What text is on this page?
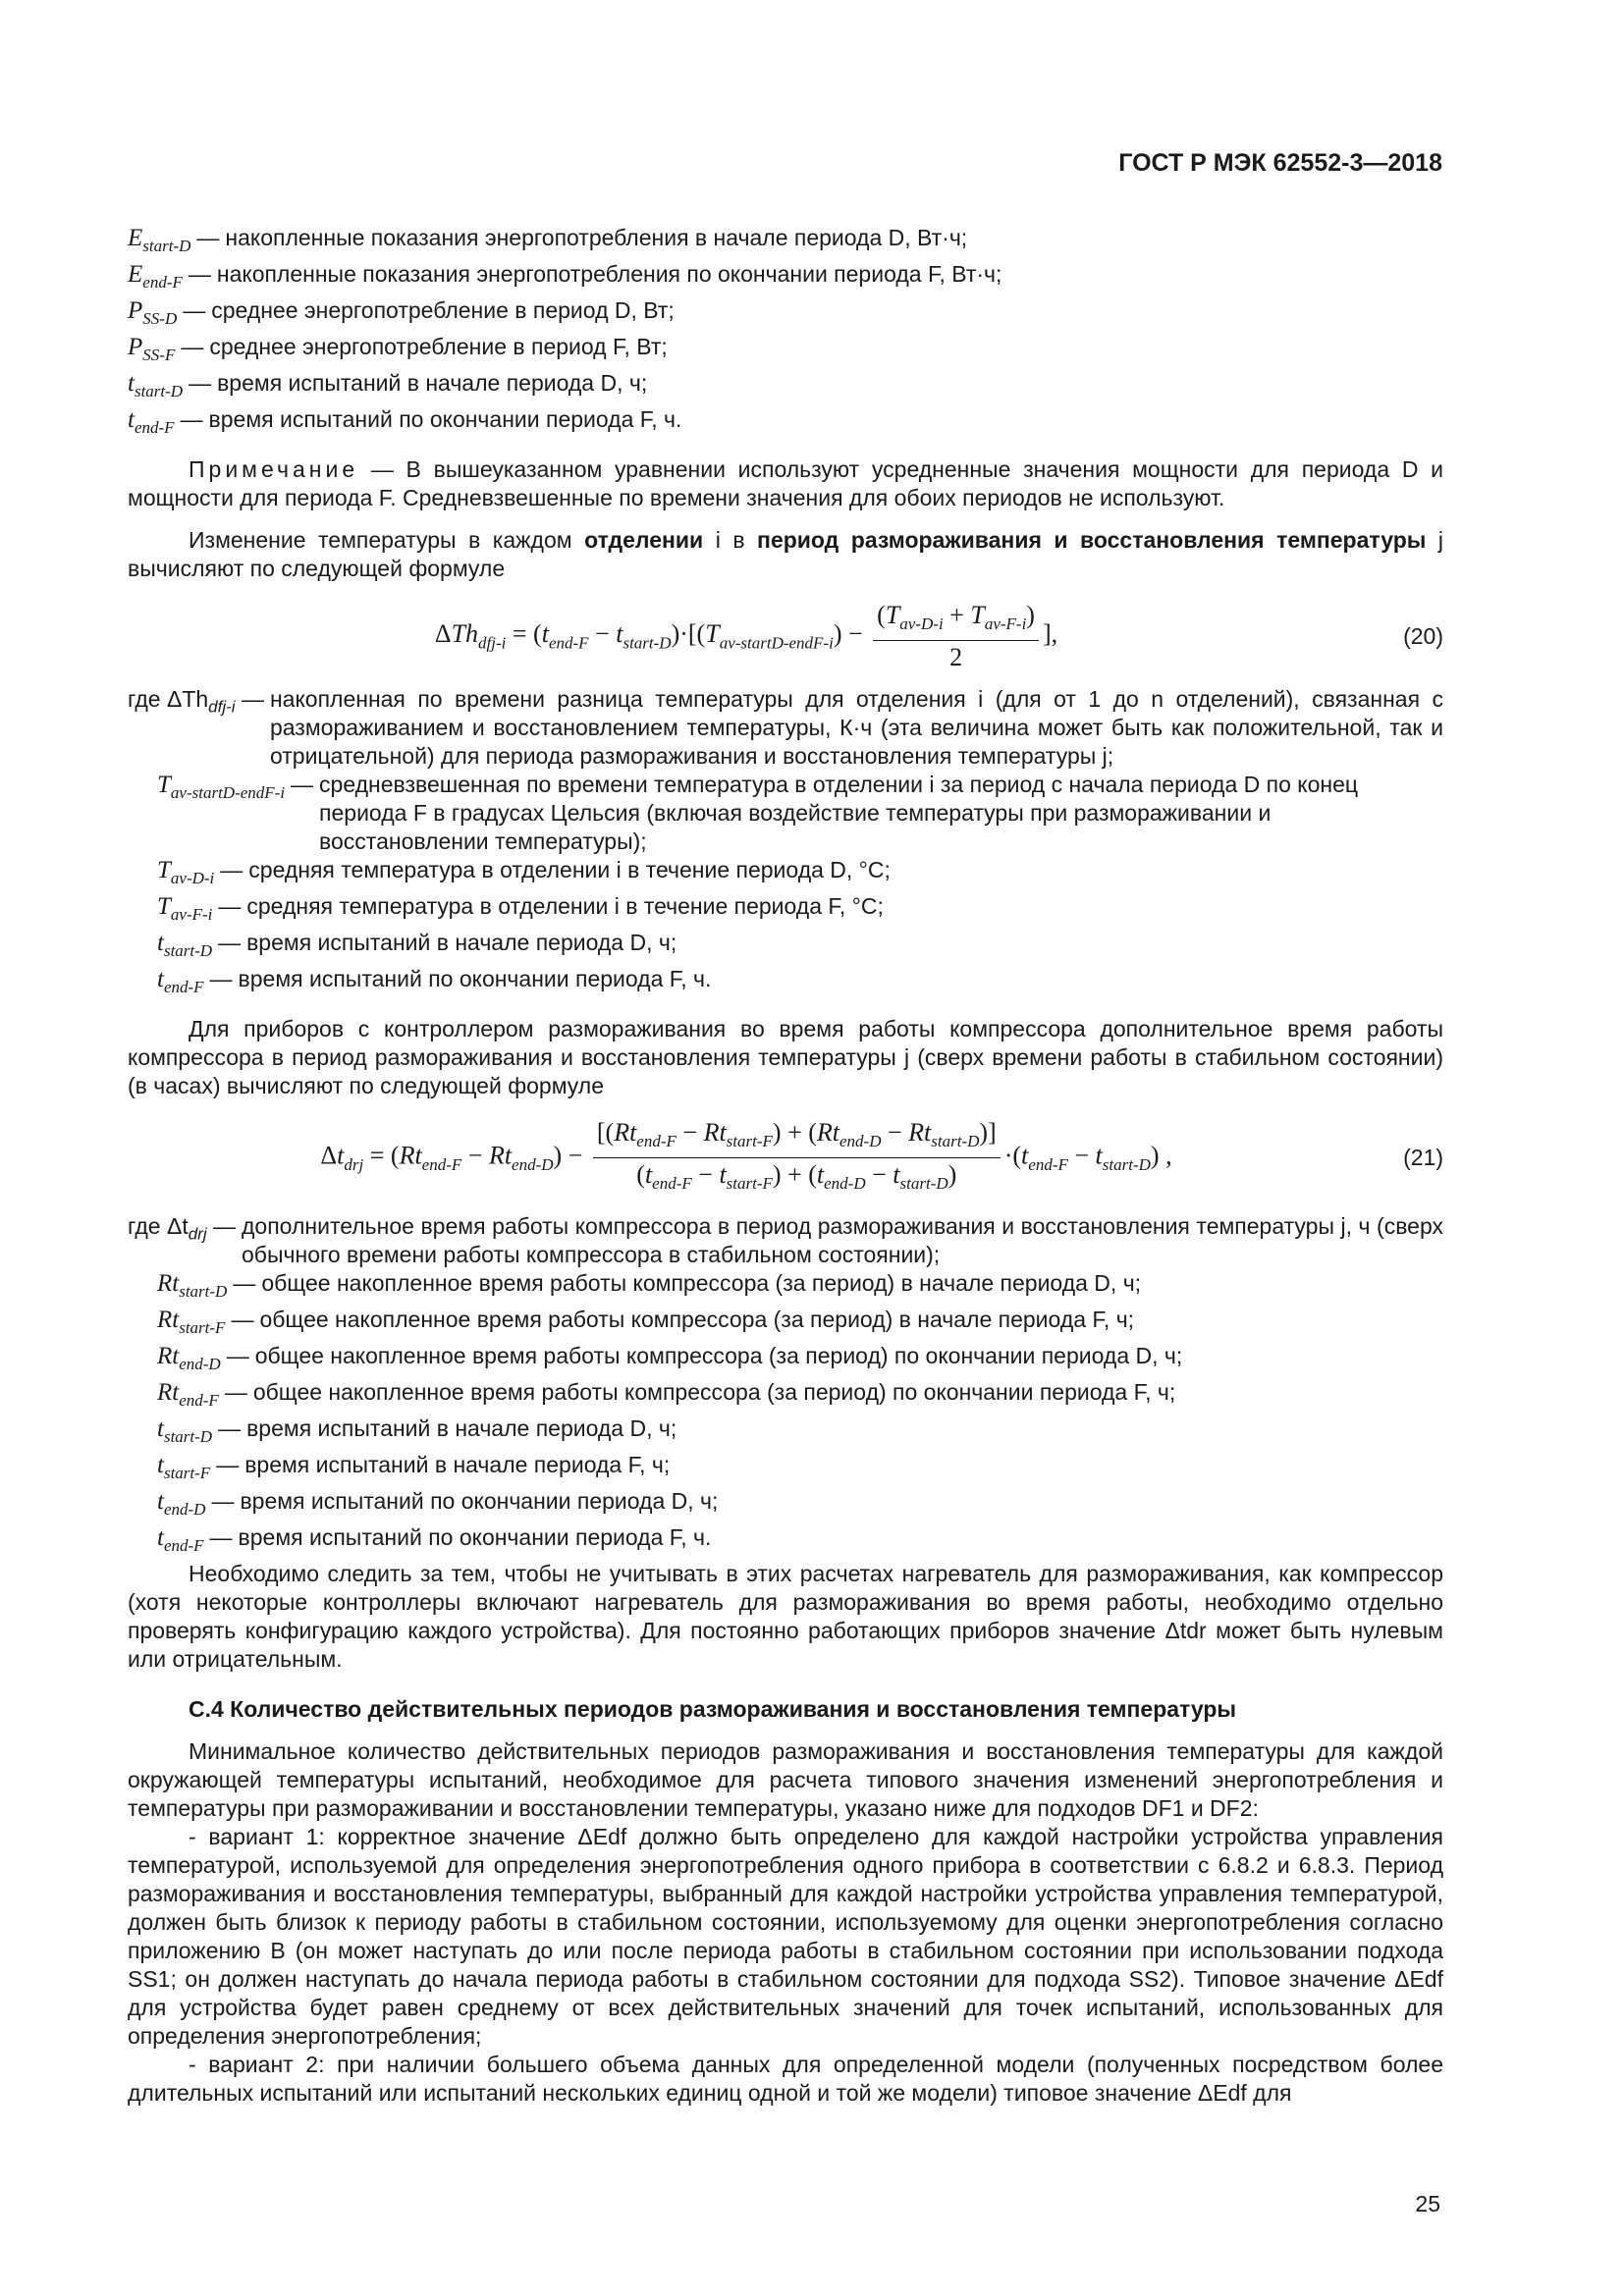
ГОСТ Р МЭК 62552-3—2018
$E_{start-D}$ — накопленные показания энергопотребления в начале периода D, Вт·ч;
$E_{end-F}$ — накопленные показания энергопотребления по окончании периода F, Вт·ч;
$P_{SS-D}$ — среднее энергопотребление в период D, Вт;
$P_{SS-F}$ — среднее энергопотребление в период F, Вт;
$t_{start-D}$ — время испытаний в начале периода D, ч;
$t_{end-F}$ — время испытаний по окончании периода F, ч.

Примечание — В вышеуказанном уравнении используют усредненные значения мощности для периода D и мощности для периода F. Средневзвешенные по времени значения для обоих периодов не используют.

Изменение температуры в каждом отделении i в период размораживания и восстановления температуры j вычисляют по следующей формуле

$\Delta Th_{dfj-i} = (t_{end-F} - t_{start-D})\cdot[(T_{av-startD-endF-i}) - \frac{(T_{av-D-i} + T_{av-F-i})}{2}$ ],	(20)
где ΔTh$_{dfj-i}$ — накопленная по времени разница температуры для отделения i (для от 1 до n отделений), связанная с размораживанием и восстановлением температуры, К·ч (эта величина может быть как положительной, так и отрицательной) для периода размораживания и восстановления температуры j;
$T_{av-startD-endF-i}$ — средневзвешенная по времени температура в отделении i за период с начала периода D по конец периода F в градусах Цельсия (включая воздействие температуры при размораживании и восстановлении температуры);
$T_{av-D-i}$ — средняя температура в отделении i в течение периода D, °C;
$T_{av-F-i}$ — средняя температура в отделении i в течение периода F, °C;
$t_{start-D}$ — время испытаний в начале периода D, ч;
$t_{end-F}$ — время испытаний по окончании периода F, ч.

Для приборов с контроллером размораживания во время работы компрессора дополнительное время работы компрессора в период размораживания и восстановления температуры j (сверх времени работы в стабильном состоянии) (в часах) вычисляют по следующей формуле

$\Delta t_{drj} = (Rt_{end-F} - Rt_{end-D}) - \frac{[(Rt_{end-F} - Rt_{start-F}) + (Rt_{end-D} - Rt_{start-D})]}{(t_{end-F} - t_{start-F}) + (t_{end-D} - t_{start-D})} \cdot(t_{end-F} - t_{start-D})$ ,	(21)
где $\Delta t_{drj}$ — дополнительное время работы компрессора в период размораживания и восстановления температуры j, ч (сверх обычного времени работы компрессора в стабильном состоянии);
$Rt_{start-D}$ — общее накопленное время работы компрессора (за период) в начале периода D, ч;
$Rt_{start-F}$ — общее накопленное время работы компрессора (за период) в начале периода F, ч;
$Rt_{end-D}$ — общее накопленное время работы компрессора (за период) по окончании периода D, ч;
$Rt_{end-F}$ — общее накопленное время работы компрессора (за период) по окончании периода F, ч;
$t_{start-D}$ — время испытаний в начале периода D, ч;
$t_{start-F}$ — время испытаний в начале периода F, ч;
$t_{end-D}$ — время испытаний по окончании периода D, ч;
$t_{end-F}$ — время испытаний по окончании периода F, ч.

Необходимо следить за тем, чтобы не учитывать в этих расчетах нагреватель для размораживания, как компрессор (хотя некоторые контроллеры включают нагреватель для размораживания во время работы, необходимо отдельно проверять конфигурацию каждого устройства). Для постоянно работающих приборов значение Δtdr может быть нулевым или отрицательным.

C.4 Количество действительных периодов размораживания и восстановления температуры

Минимальное количество действительных периодов размораживания и восстановления температуры для каждой окружающей температуры испытаний, необходимое для расчета типового значения изменений энергопотребления и температуры при размораживании и восстановлении температуры, указано ниже для подходов DF1 и DF2:

- вариант 1: корректное значение ΔEdf должно быть определено для каждой настройки устройства управления температурой, используемой для определения энергопотребления одного прибора в соответствии с 6.8.2 и 6.8.3. Период размораживания и восстановления температуры, выбранный для каждой настройки устройства управления температурой, должен быть близок к периоду работы в стабильном состоянии, используемому для оценки энергопотребления согласно приложению B (он может наступать до или после периода работы в стабильном состоянии при использовании подхода SS1; он должен наступать до начала периода работы в стабильном состоянии для подхода SS2). Типовое значение ΔEdf для устройства будет равен среднему от всех действительных значений для точек испытаний, использованных для определения энергопотребления;

- вариант 2: при наличии большего объема данных для определенной модели (полученных посредством более длительных испытаний или испытаний нескольких единиц одной и той же модели) типовое значение ΔEdf для

25
